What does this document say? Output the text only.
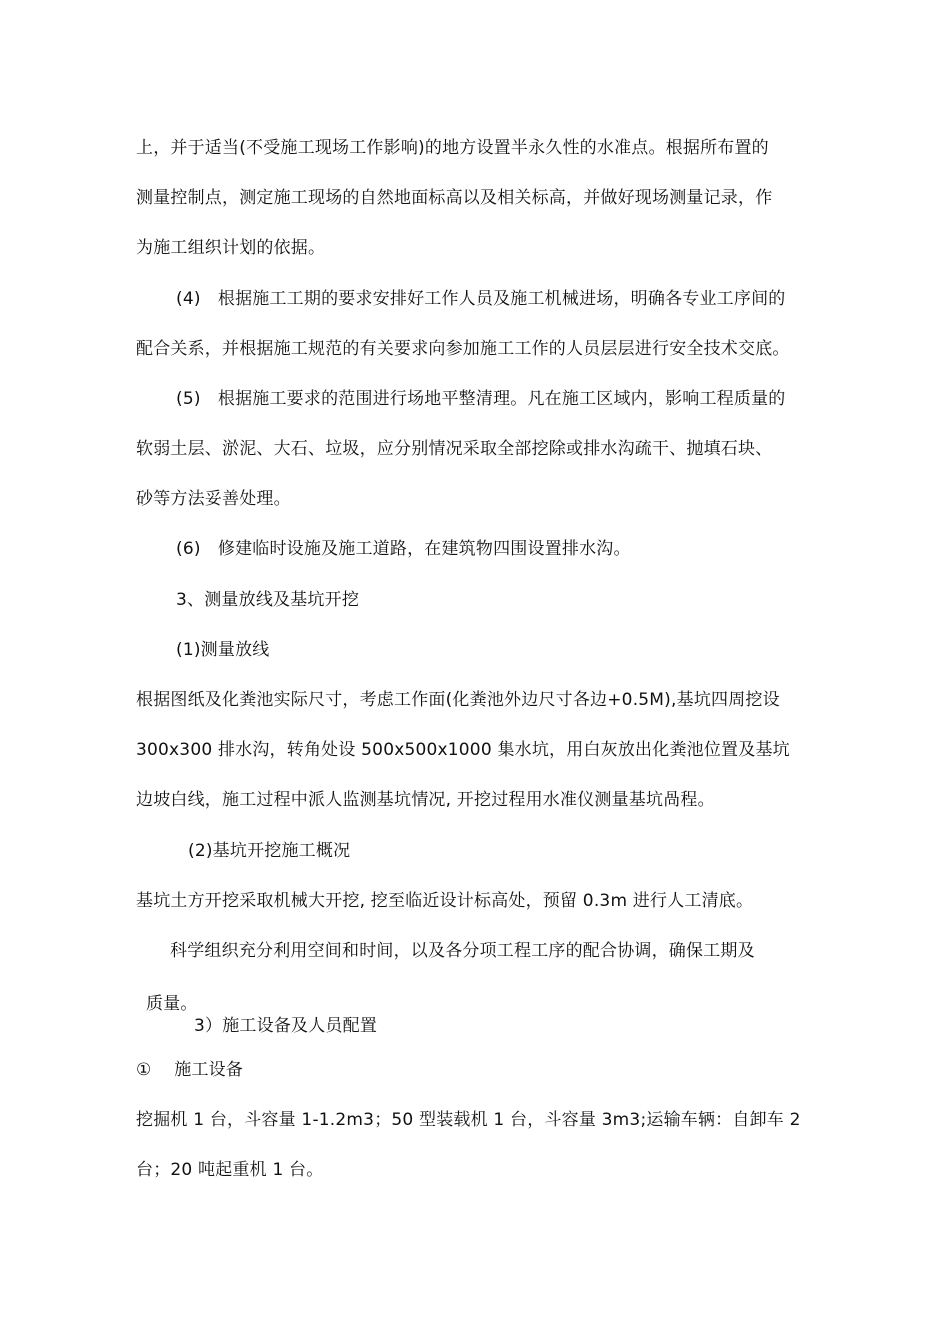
上，并于适当(不受施工现场工作影响)的地方设置半永久性的水准点。根据所布置的
测量控制点，测定施工现场的自然地面标高以及相关标高，并做好现场测量记录，作
为施工组织计划的依据。
(4)　根据施工工期的要求安排好工作人员及施工机械进场，明确各专业工序间的
配合关系，并根据施工规范的有关要求向参加施工工作的人员层层进行安全技术交底。
(5)　根据施工要求的范围进行场地平整清理。凡在施工区域内，影响工程质量的
软弱土层、淤泥、大石、垃圾，应分别情况采取全部挖除或排水沟疏干、抛填石块、
砂等方法妥善处理。
(6)　修建临时设施及施工道路，在建筑物四围设置排水沟。
3、测量放线及基坑开挖
(1)测量放线
根据图纸及化粪池实际尺寸，考虑工作面(化粪池外边尺寸各边+0.5M),基坑四周挖设
300x300 排水沟，转角处设 500x500x1000 集水坑，用白灰放出化粪池位置及基坑
边坡白线，施工过程中派人监测基坑情况, 开挖过程用水准仪测量基坑咼程。
(2)基坑开挖施工概况
基坑土方开挖采取机械大开挖, 挖至临近设计标高处，预留 0.3m 进行人工清底。
科学组织充分利用空间和时间，以及各分项工程工序的配合协调，确保工期及
质量。
3）施工设备及人员配置
①　 施工设备
挖掘机 1 台，斗容量 1-1.2m3；50 型装载机 1 台，斗容量 3m3;运输车辆：自卸车 2
台；20 吨起重机 1 台。
